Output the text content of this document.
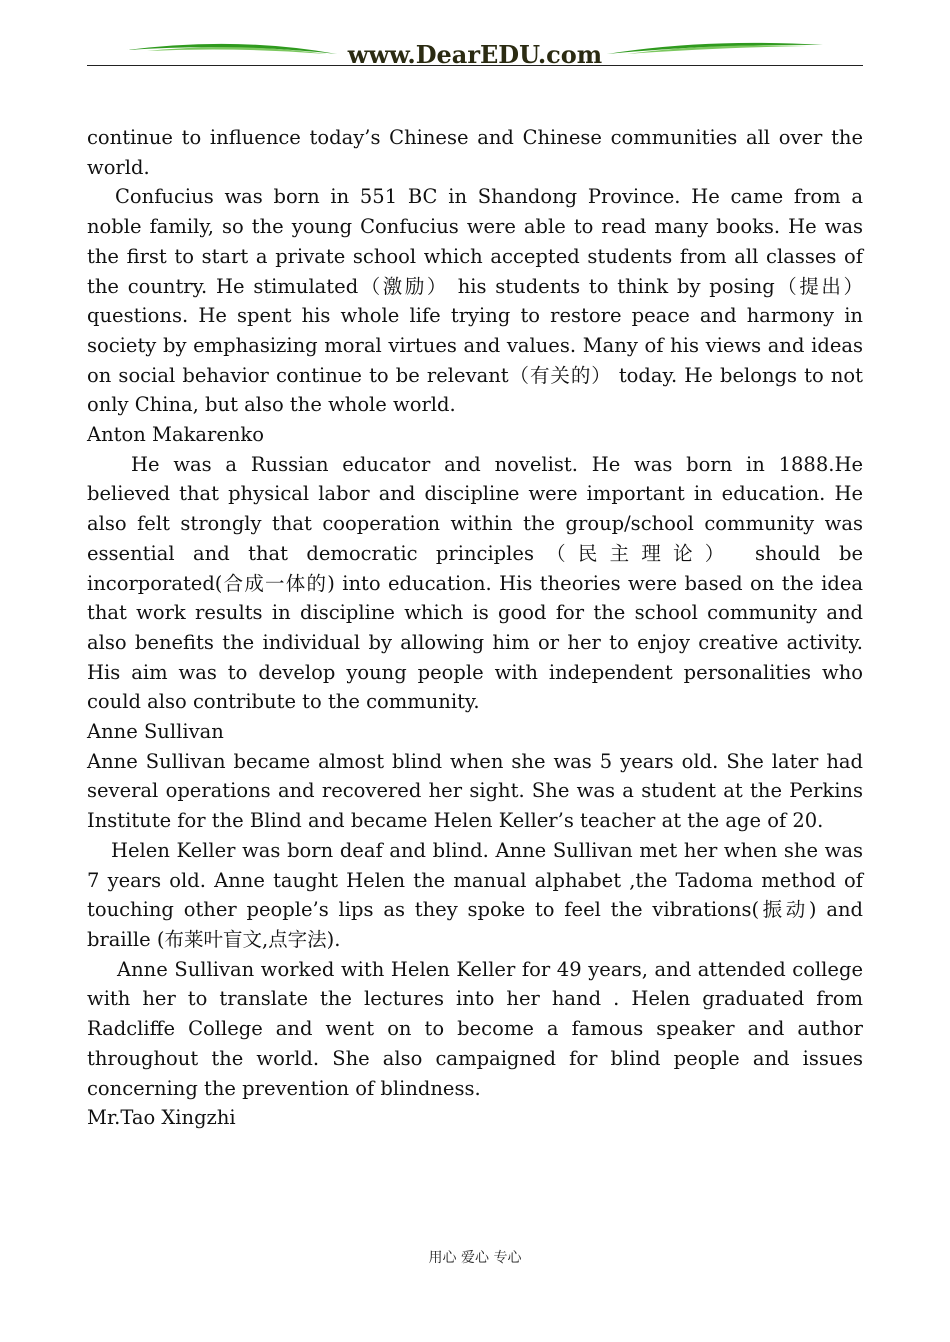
www.DearEDU.com

continue to influence today’s Chinese and Chinese communities all over the world.

Confucius was born in 551 BC in Shandong Province. He came from a noble family, so the young Confucius were able to read many books. He was the first to start a private school which accepted students from all classes of the country. He stimulated（激励） his students to think by posing（提出） questions. He spent his whole life trying to restore peace and harmony in society by emphasizing moral virtues and values. Many of his views and ideas on social behavior continue to be relevant（有关的） today. He belongs to not only China, but also the whole world.

Anton Makarenko

He was a Russian educator and novelist. He was born in 1888.He believed that physical labor and discipline were important in education. He also felt strongly that cooperation within the group/school community was essential and that democratic principles（民主理论） should be incorporated(合成一体的) into education. His theories were based on the idea that work results in discipline which is good for the school community and also benefits the individual by allowing him or her to enjoy creative activity. His aim was to develop young people with independent personalities who could also contribute to the community.

Anne Sullivan

Anne Sullivan became almost blind when she was 5 years old. She later had several operations and recovered her sight. She was a student at the Perkins Institute for the Blind and became Helen Keller’s teacher at the age of 20.

Helen Keller was born deaf and blind. Anne Sullivan met her when she was 7 years old. Anne taught Helen the manual alphabet ,the Tadoma method of touching other people’s lips as they spoke to feel the vibrations(振动) and braille (布莱叶盲文,点字法).

Anne Sullivan worked with Helen Keller for 49 years, and attended college with her to translate the lectures into her hand . Helen graduated from Radcliffe College and went on to become a famous speaker and author throughout the world. She also campaigned for blind people and issues concerning the prevention of blindness.

Mr.Tao Xingzhi

用心 爱心 专心
